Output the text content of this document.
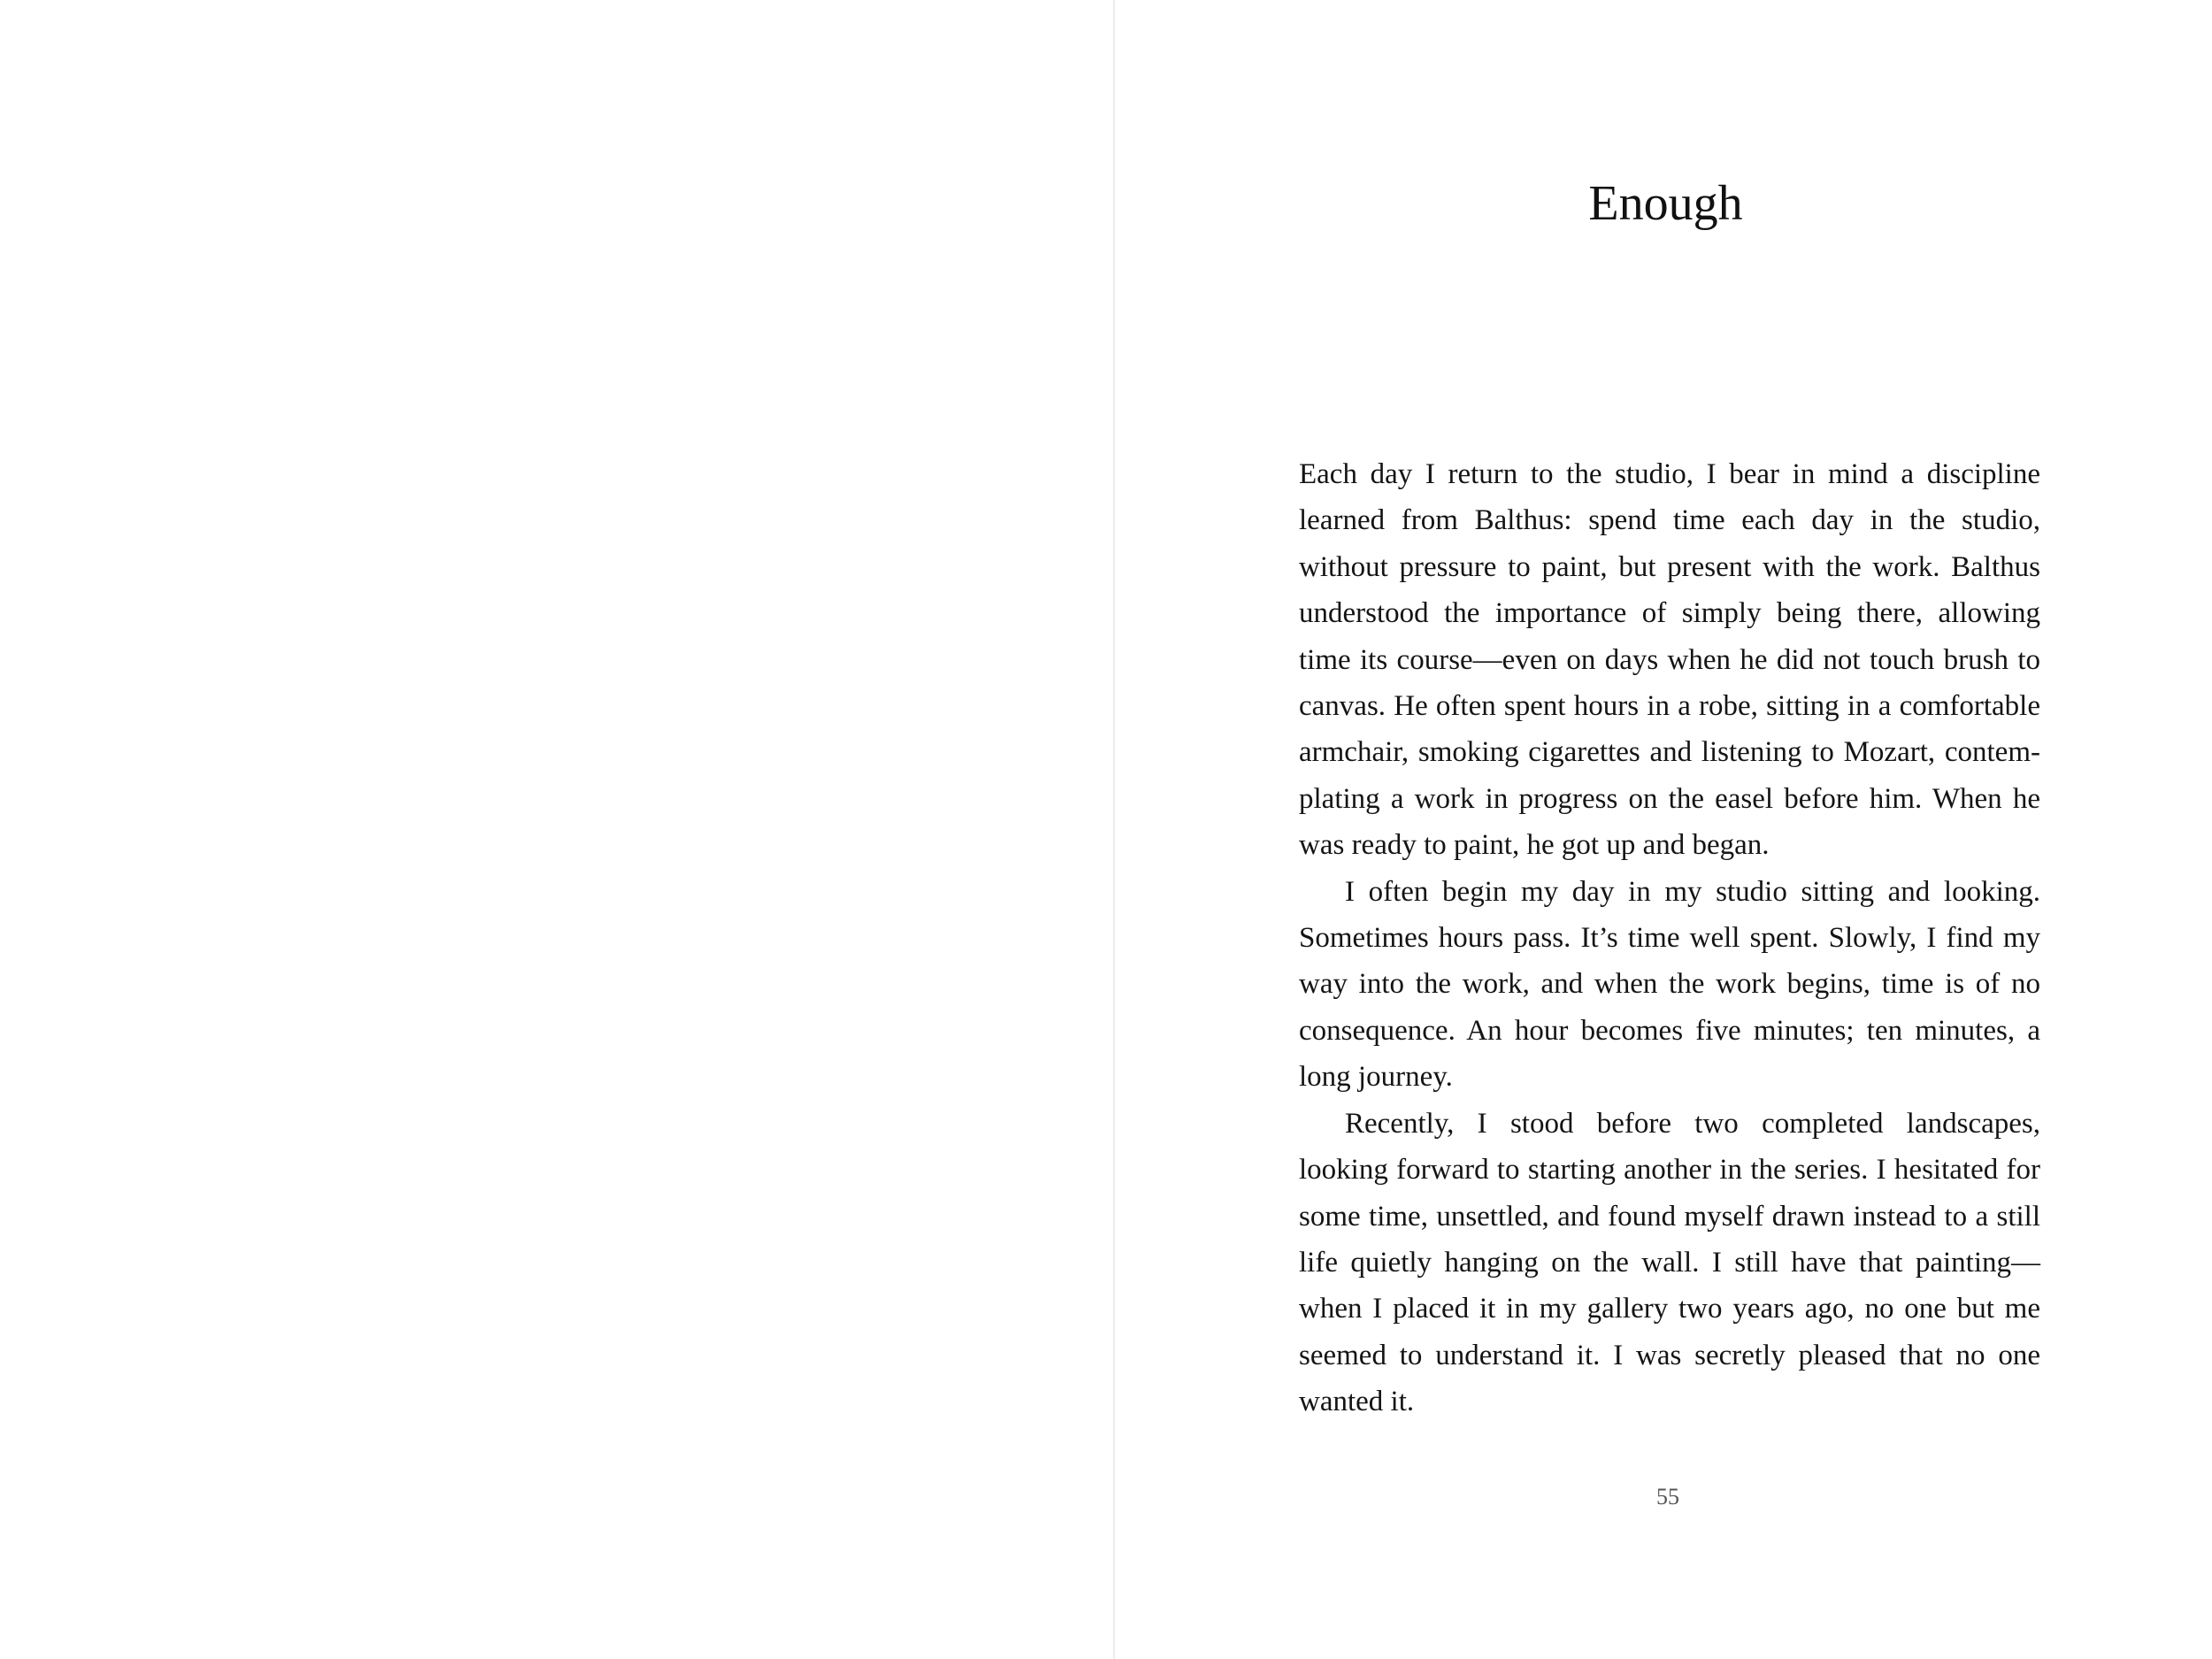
Enough

Each day I return to the studio, I bear in mind a discipline learned from Balthus: spend time each day in the studio, without pressure to paint, but present with the work. Balthus understood the importance of simply being there, allowing time its course—even on days when he did not touch brush to canvas. He often spent hours in a robe, sitting in a comfortable armchair, smoking cigarettes and listening to Mozart, contemplating a work in progress on the easel before him. When he was ready to paint, he got up and began.

I often begin my day in my studio sitting and looking. Sometimes hours pass. It’s time well spent. Slowly, I find my way into the work, and when the work begins, time is of no consequence. An hour becomes five minutes; ten minutes, a long journey.

Recently, I stood before two completed landscapes, looking forward to starting another in the series. I hesitated for some time, unsettled, and found myself drawn instead to a still life quietly hanging on the wall. I still have that painting—when I placed it in my gallery two years ago, no one but me seemed to understand it. I was secretly pleased that no one wanted it.

55
